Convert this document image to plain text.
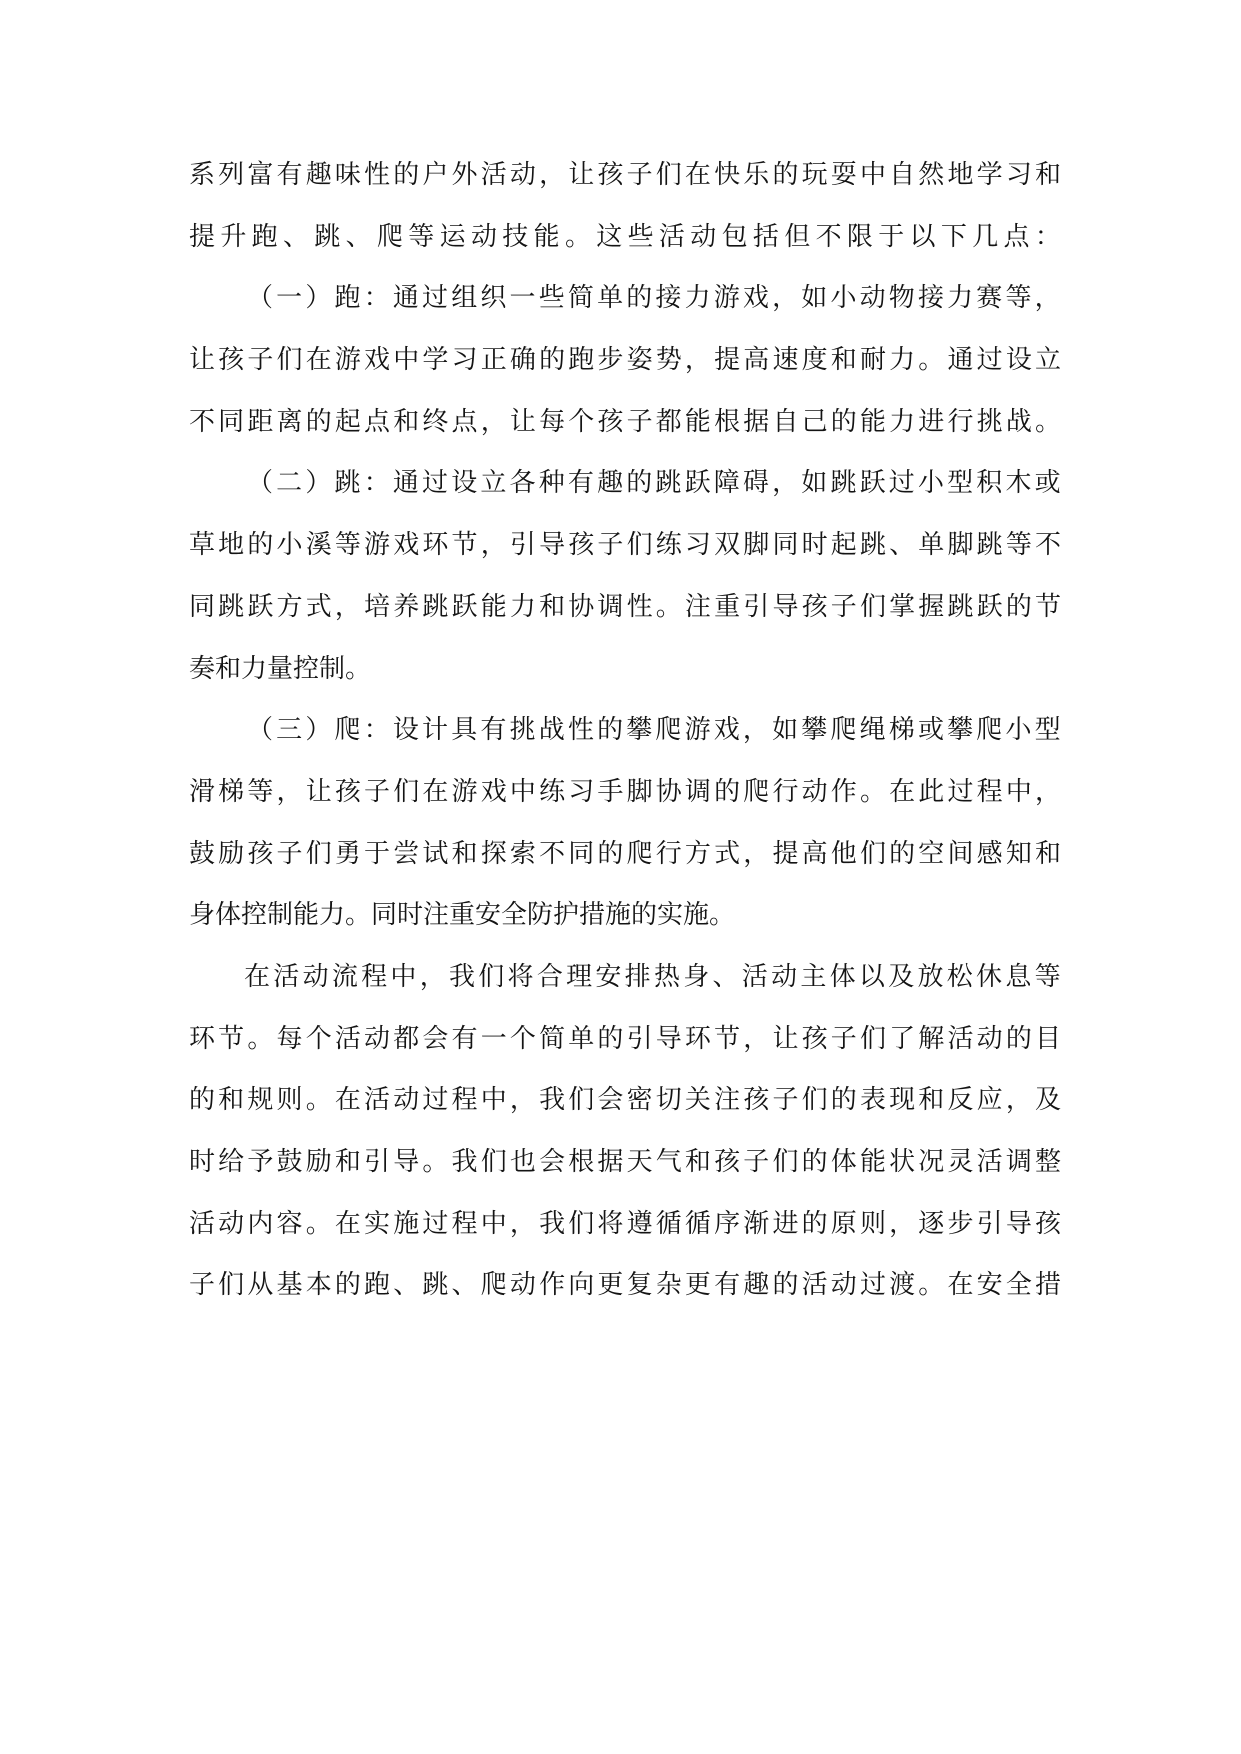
系 列 富 有 趣 味 性 的 户 外 活 动 ， 让 孩 子 们 在 快 乐 的 玩 耍 中 自 然 地 学 习 和
提 升 跑 、 跳 、 爬 等 运 动 技 能 。 这 些 活 动 包 括 但 不 限 于 以 下 几 点 ：
（ 一 ） 跑 ： 通 过 组 织 一 些 简 单 的 接 力 游 戏 ， 如 小 动 物 接 力 赛 等 ，
让 孩 子 们 在 游 戏 中 学 习 正 确 的 跑 步 姿 势 ， 提 高 速 度 和 耐 力 。 通 过 设 立
不 同 距 离 的 起 点 和 终 点 ， 让 每 个 孩 子 都 能 根 据 自 己 的 能 力 进 行 挑 战 。
（ 二 ） 跳 ： 通 过 设 立 各 种 有 趣 的 跳 跃 障 碍 ， 如 跳 跃 过 小 型 积 木 或
草 地 的 小 溪 等 游 戏 环 节 ， 引 导 孩 子 们 练 习 双 脚 同 时 起 跳 、 单 脚 跳 等 不
同 跳 跃 方 式 ， 培 养 跳 跃 能 力 和 协 调 性 。 注 重 引 导 孩 子 们 掌 握 跳 跃 的 节
奏和力量控制。
（ 三 ） 爬 ： 设 计 具 有 挑 战 性 的 攀 爬 游 戏 ， 如 攀 爬 绳 梯 或 攀 爬 小 型
滑 梯 等 ， 让 孩 子 们 在 游 戏 中 练 习 手 脚 协 调 的 爬 行 动 作 。 在 此 过 程 中 ，
鼓 励 孩 子 们 勇 于 尝 试 和 探 索 不 同 的 爬 行 方 式 ， 提 高 他 们 的 空 间 感 知 和
身体控制能力。同时注重安全防护措施的实施。
在 活 动 流 程 中 ， 我 们 将 合 理 安 排 热 身 、 活 动 主 体 以 及 放 松 休 息 等
环 节 。 每 个 活 动 都 会 有 一 个 简 单 的 引 导 环 节 ， 让 孩 子 们 了 解 活 动 的 目
的 和 规 则 。 在 活 动 过 程 中 ， 我 们 会 密 切 关 注 孩 子 们 的 表 现 和 反 应 ， 及
时 给 予 鼓 励 和 引 导 。 我 们 也 会 根 据 天 气 和 孩 子 们 的 体 能 状 况 灵 活 调 整
活 动 内 容 。 在 实 施 过 程 中 ， 我 们 将 遵 循 循 序 渐 进 的 原 则 ， 逐 步 引 导 孩
子 们 从 基 本 的 跑 、 跳 、 爬 动 作 向 更 复 杂 更 有 趣 的 活 动 过 渡 。 在 安 全 措
